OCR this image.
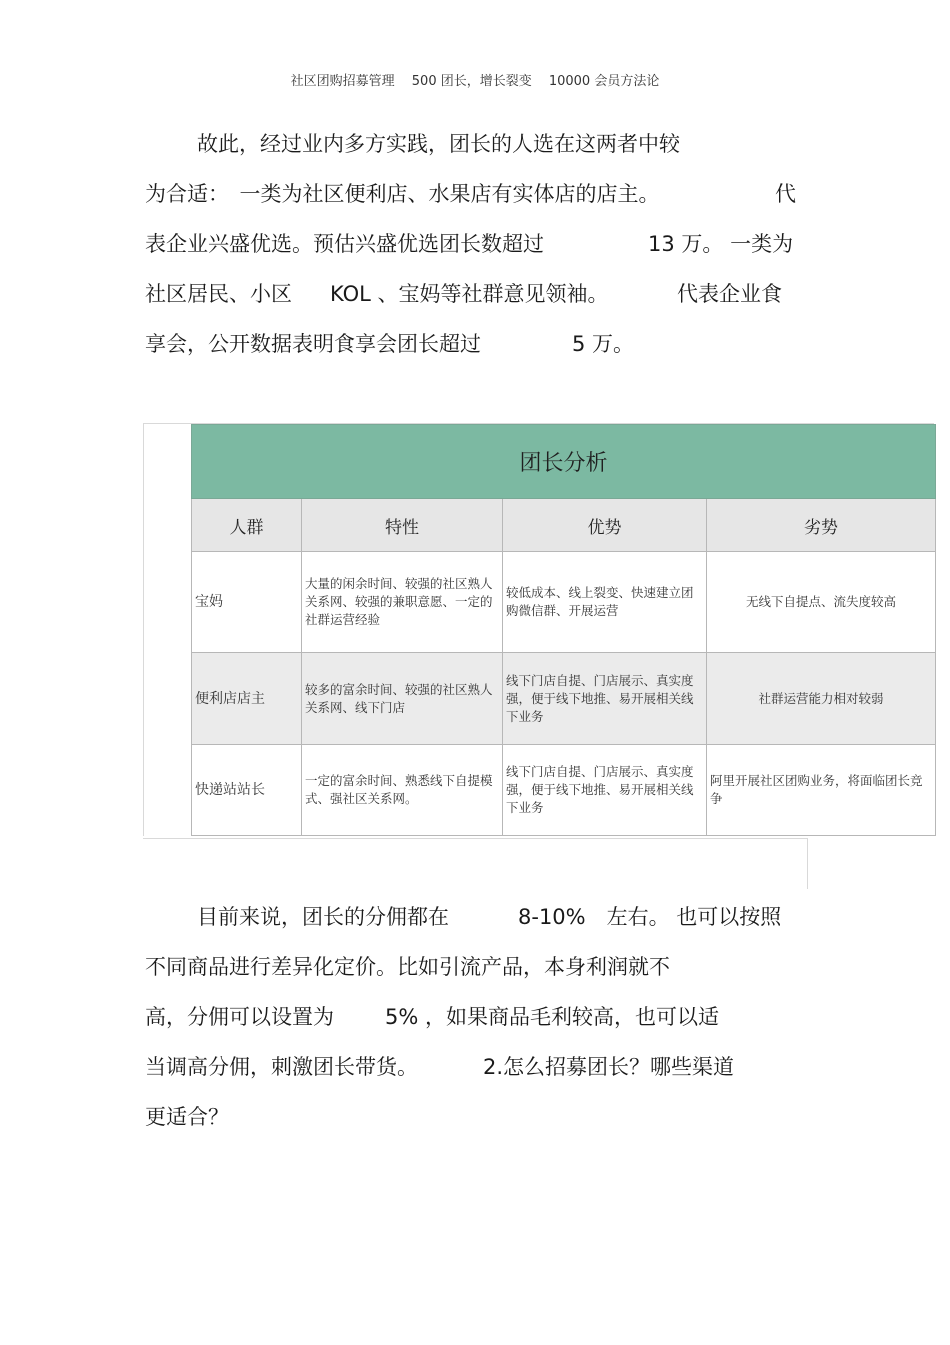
社区团购招募管理　 500 团长，增长裂变　 10000 会员方法论
故此，经过业内多方实践，团长的人选在这两者中较
为合适：　一类为社区便利店、水果店有实体店的店主。	代
表企业兴盛优选。预估兴盛优选团长数超过	13 万。 一类为
社区居民、小区 KOL 、宝妈等社群意见领袖。	代表企业食
享会，公开数据表明食享会团长超过	5 万。
团长分析			
人群	特性	优势	劣势
宝妈	大量的闲余时间、较强的社区熟人关系网、较强的兼职意愿、一定的社群运营经验	较低成本、线上裂变、快速建立团购微信群、开展运营	无线下自提点、流失度较高
便利店店主	较多的富余时间、较强的社区熟人关系网、线下门店	线下门店自提、门店展示、真实度强，便于线下地推、易开展相关线下业务	社群运营能力相对较弱
快递站站长	一定的富余时间、熟悉线下自提模式、强社区关系网。	线下门店自提、门店展示、真实度强，便于线下地推、易开展相关线下业务	阿里开展社区团购业务，将面临团长竞争
目前来说，团长的分佣都在	8-10%　左右。 也可以按照
不同商品进行差异化定价。比如引流产品，本身利润就不
高，分佣可以设置为 5% ，如果商品毛利较高，也可以适
当调高分佣，刺激团长带货。	2.怎么招募团长？哪些渠道
更适合？
